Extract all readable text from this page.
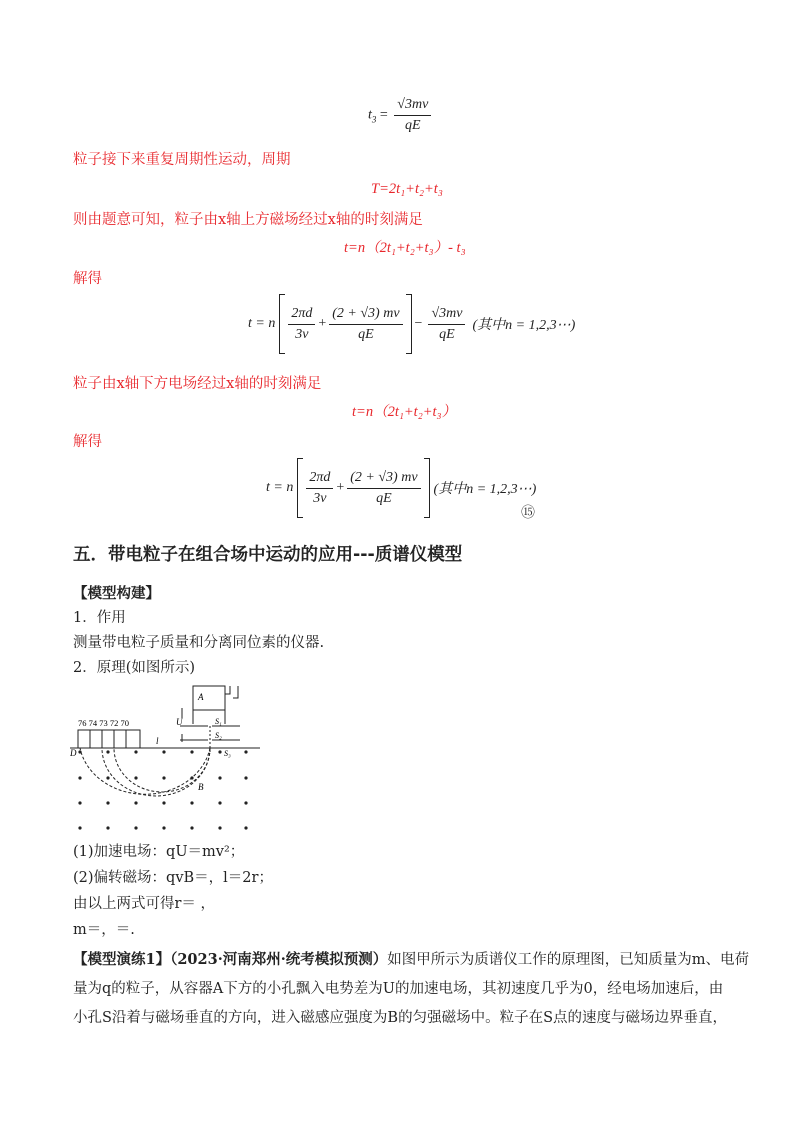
$t_3 = \frac{√3mv}{qE}$
粒子接下来重复周期性运动，周期
T=2t₁+t₂+t₃
则由题意可知，粒子由x轴上方磁场经过x轴的时刻满足
t=n（2t₁+t₂+t₃）- t₃
解得
t = n $\frac{2\pi d}{3v} + \frac{(2 + √3) mv}{qE} - \frac{√3mv}{qE}$ (其中n = 1,2,3⋯)
粒子由x轴下方电场经过x轴的时刻满足
t=n（2t₁+t₂+t₃）
解得
t = n $\frac{2\pi d}{3v} + \frac{(2 + √3) mv}{qE}$ (其中n = 1,2,3⋯)
⑮
五．带电粒子在组合场中运动的应用---质谱仪模型
【模型构建】
1．作用
测量带电粒子质量和分离同位素的仪器.
2．原理(如图所示)
A
U	S₁
S₂
S₃
76 74 73 72 70
D
l
B
(1)加速电场：qU＝mv²；
(2)偏转磁场：qvB＝，l＝2r；
由以上两式可得r＝ ，
m＝，＝.
【模型演练1】（2023·河南郑州·统考模拟预测）如图甲所示为质谱仪工作的原理图，已知质量为m、电荷
量为q的粒子，从容器A下方的小孔飘入电势差为U的加速电场，其初速度几乎为0，经电场加速后，由
小孔S沿着与磁场垂直的方向，进入磁感应强度为B的匀强磁场中。粒子在S点的速度与磁场边界垂直，
